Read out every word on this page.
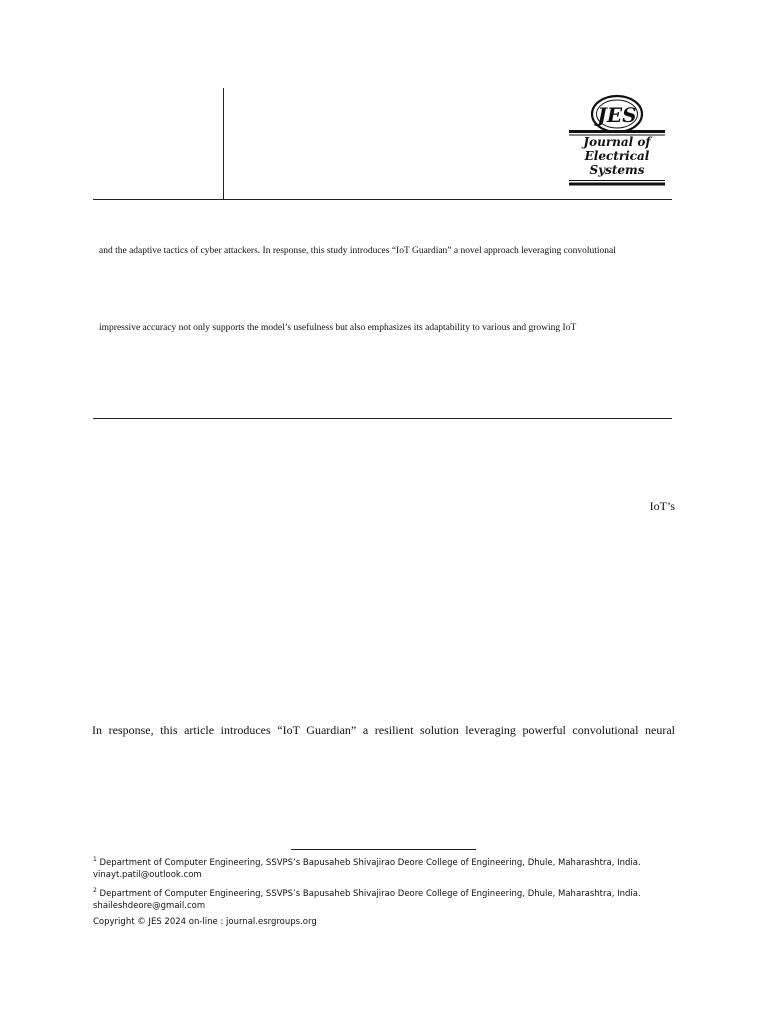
JES
Journal of
Electrical
Systems
and the adaptive tactics of cyber attackers. In response, this study introduces “IoT Guardian” a novel approach leveraging convolutional
impressive accuracy not only supports the model’s usefulness but also emphasizes its adaptability to various and growing IoT
IoT’s
In response, this article introduces “IoT Guardian” a resilient solution leveraging powerful convolutional neural
$^1$ Department of Computer Engineering, SSVPS’s Bapusaheb Shivajirao Deore College of Engineering, Dhule, Maharashtra, India.
vinayt.patil@outlook.com
$^2$ Department of Computer Engineering, SSVPS’s Bapusaheb Shivajirao Deore College of Engineering, Dhule, Maharashtra, India.
shaileshdeore@gmail.com
Copyright © JES 2024 on-line : journal.esrgroups.org
